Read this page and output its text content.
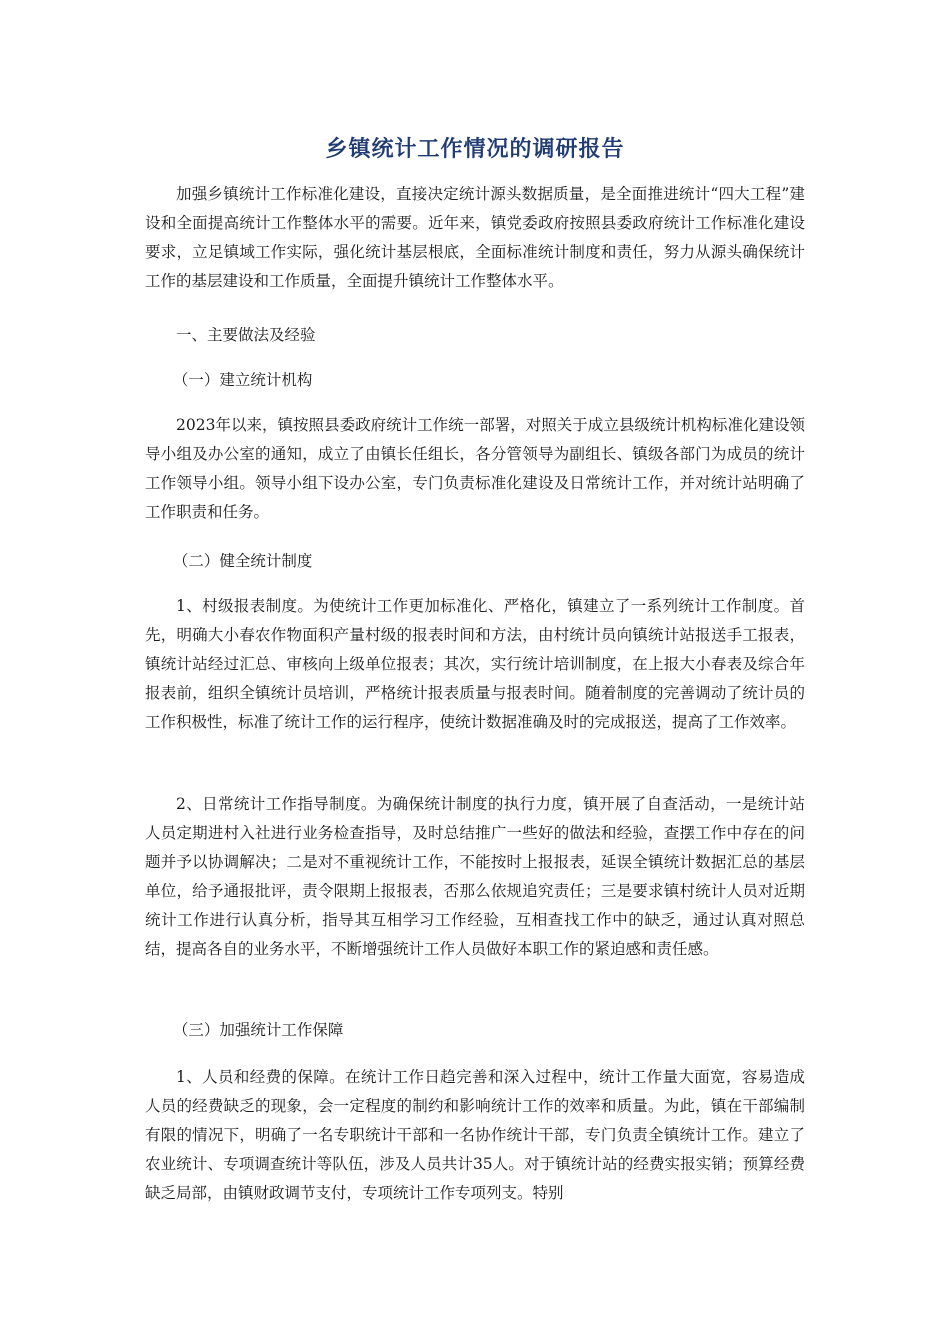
乡镇统计工作情况的调研报告

加强乡镇统计工作标准化建设，直接决定统计源头数据质量，是全面推进统计“四大工程”建设和全面提高统计工作整体水平的需要。近年来，镇党委政府按照县委政府统计工作标准化建设要求，立足镇域工作实际，强化统计基层根底，全面标准统计制度和责任，努力从源头确保统计工作的基层建设和工作质量，全面提升镇统计工作整体水平。

一、主要做法及经验

（一）建立统计机构

2023年以来，镇按照县委政府统计工作统一部署，对照关于成立县级统计机构标准化建设领导小组及办公室的通知，成立了由镇长任组长，各分管领导为副组长、镇级各部门为成员的统计工作领导小组。领导小组下设办公室，专门负责标准化建设及日常统计工作，并对统计站明确了工作职责和任务。

（二）健全统计制度

1、村级报表制度。为使统计工作更加标准化、严格化，镇建立了一系列统计工作制度。首先，明确大小春农作物面积产量村级的报表时间和方法，由村统计员向镇统计站报送手工报表，镇统计站经过汇总、审核向上级单位报表；其次，实行统计培训制度，在上报大小春表及综合年报表前，组织全镇统计员培训，严格统计报表质量与报表时间。随着制度的完善调动了统计员的工作积极性，标准了统计工作的运行程序，使统计数据准确及时的完成报送，提高了工作效率。

2、日常统计工作指导制度。为确保统计制度的执行力度，镇开展了自查活动，一是统计站人员定期进村入社进行业务检查指导，及时总结推广一些好的做法和经验，查摆工作中存在的问题并予以协调解决；二是对不重视统计工作，不能按时上报报表，延误全镇统计数据汇总的基层单位，给予通报批评，责令限期上报报表，否那么依规追究责任；三是要求镇村统计人员对近期统计工作进行认真分析，指导其互相学习工作经验，互相查找工作中的缺乏，通过认真对照总结，提高各自的业务水平，不断增强统计工作人员做好本职工作的紧迫感和责任感。

（三）加强统计工作保障

1、人员和经费的保障。在统计工作日趋完善和深入过程中，统计工作量大面宽，容易造成人员的经费缺乏的现象，会一定程度的制约和影响统计工作的效率和质量。为此，镇在干部编制有限的情况下，明确了一名专职统计干部和一名协作统计干部，专门负责全镇统计工作。建立了农业统计、专项调查统计等队伍，涉及人员共计35人。对于镇统计站的经费实报实销；预算经费缺乏局部，由镇财政调节支付，专项统计工作专项列支。特别
